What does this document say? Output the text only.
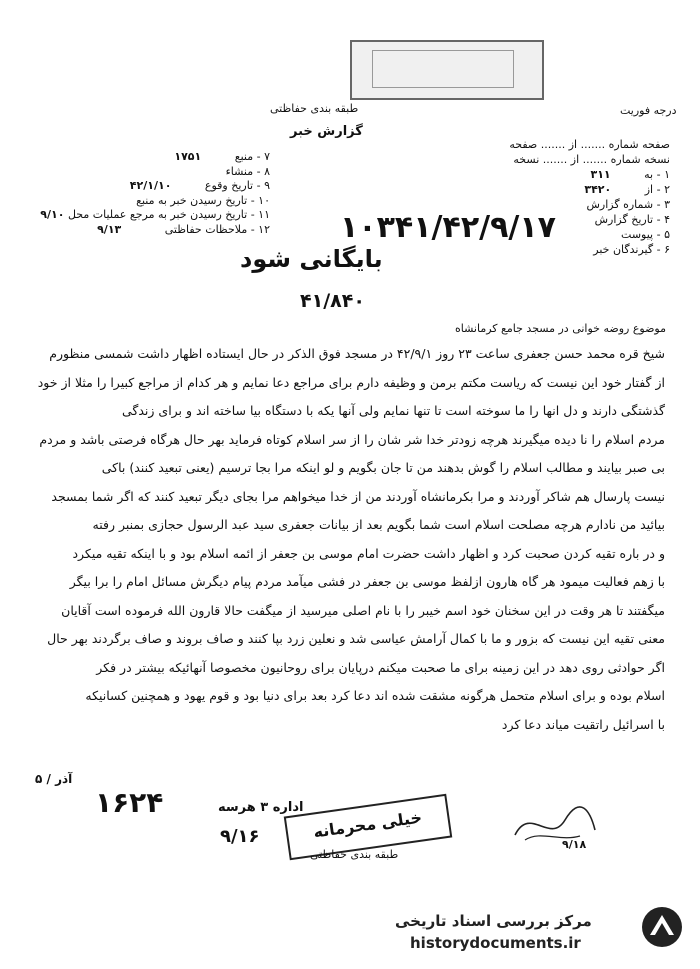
درجه فوریت
طبقه بندی حفاظتی
گزارش خبر
۷ - منبع ۱۷۵۱
۸ - منشاء
۹ - تاریخ وقوع ۴۲/۱/۱۰
۱۰ - تاریخ رسیدن خبر به منبع
۱۱ - تاریخ رسیدن خبر به مرجع عملیات محل ۹/۱۰
۱۲ - ملاحظات حفاظتی ۹/۱۳
صفحه شماره ....... از ....... صفحه
نسخه شماره ....... از ....... نسخه
۱ - به ۳۱۱
۲ - از ۳۴۲۰
۳ - شماره گزارش
۴ - تاریخ گزارش
۵ - پیوست
۶ - گیرندگان خبر
۱۰۳۴۱/۴۲/۹/۱۷
بایگانی شود
۴۱/۸۴۰
موضوع روضه خوانی در مسجد جامع کرمانشاه

شیخ قره محمد حسن جعفری ساعت ۲۳ روز ۴۲/۹/۱ در مسجد فوق الذکر در حال ایستاده اظهار داشت شمسی منظورم

از گفتار خود این نیست که ریاست مکتم برمن و وظیفه دارم برای مراجع دعا نمایم و هر کدام از مراجع کبیرا را مثلا از خود

گذشتگی دارند و دل انها را ما سوخته است تا تنها نمایم ولی آنها یکه با دستگاه بیا ساخته اند و برای زندگی

مردم اسلام را نا دیده میگیرند هرچه زودتر خدا شر شان را از سر اسلام کوتاه فرماید بهر حال هرگاه فرصتی باشد و مردم

بی صبر بیایند و مطالب اسلام را گوش بدهند من تا جان بگویم و لو اینکه مرا بجا ترسیم (یعنی تبعید کنند) باکی

نیست پارسال هم شاکر آوردند و مرا بکرمانشاه آوردند من از خدا میخواهم مرا بجای دیگر تبعید کنند که اگر شما بمسجد

بیائید من نادارم هرچه مصلحت اسلام است شما بگویم بعد از بیانات جعفری سید عبد الرسول حجازی بمنبر رفته

و در باره تقیه کردن صحبت کرد و اظهار داشت حضرت امام موسی بن جعفر از ائمه اسلام بود و با اینکه تقیه میکرد

با زهم فعالیت میمود هر گاه هارون ازلفظ موسی بن جعفر در فشی میآمد مردم پیام دیگرش مسائل امام را برا بیگر

میگفتند تا هر وقت در این سخنان خود اسم خیبر را با نام اصلی میرسید از میگفت حالا قارون الله فرموده است آقایان

معنی تقیه این نیست که بزور و ما با کمال آرامش عیاسی شد و نعلین زرد بپا کنند و صاف بروند و صاف برگردند بهر حال

اگر حوادثی روی دهد در این زمینه برای ما صحبت میکنم درپایان برای روحانیون مخصوصا آنهائیکه بیشتر در فکر

اسلام بوده و برای اسلام متحمل هرگونه مشقت شده اند دعا کرد بعد برای دنیا بود و قوم یهود و همچنین کسانیکه

با اسرائیل راتقیت میاند دعا کرد

۵ / آذر
۱۶۲۴	اداره ۳ هرسه
۹/۱۶	خیلی محرمانه
۹/۱۸
طبقه بندی حفاظتی
مرکز بررسی اسناد تاریخی
historydocuments.ir
